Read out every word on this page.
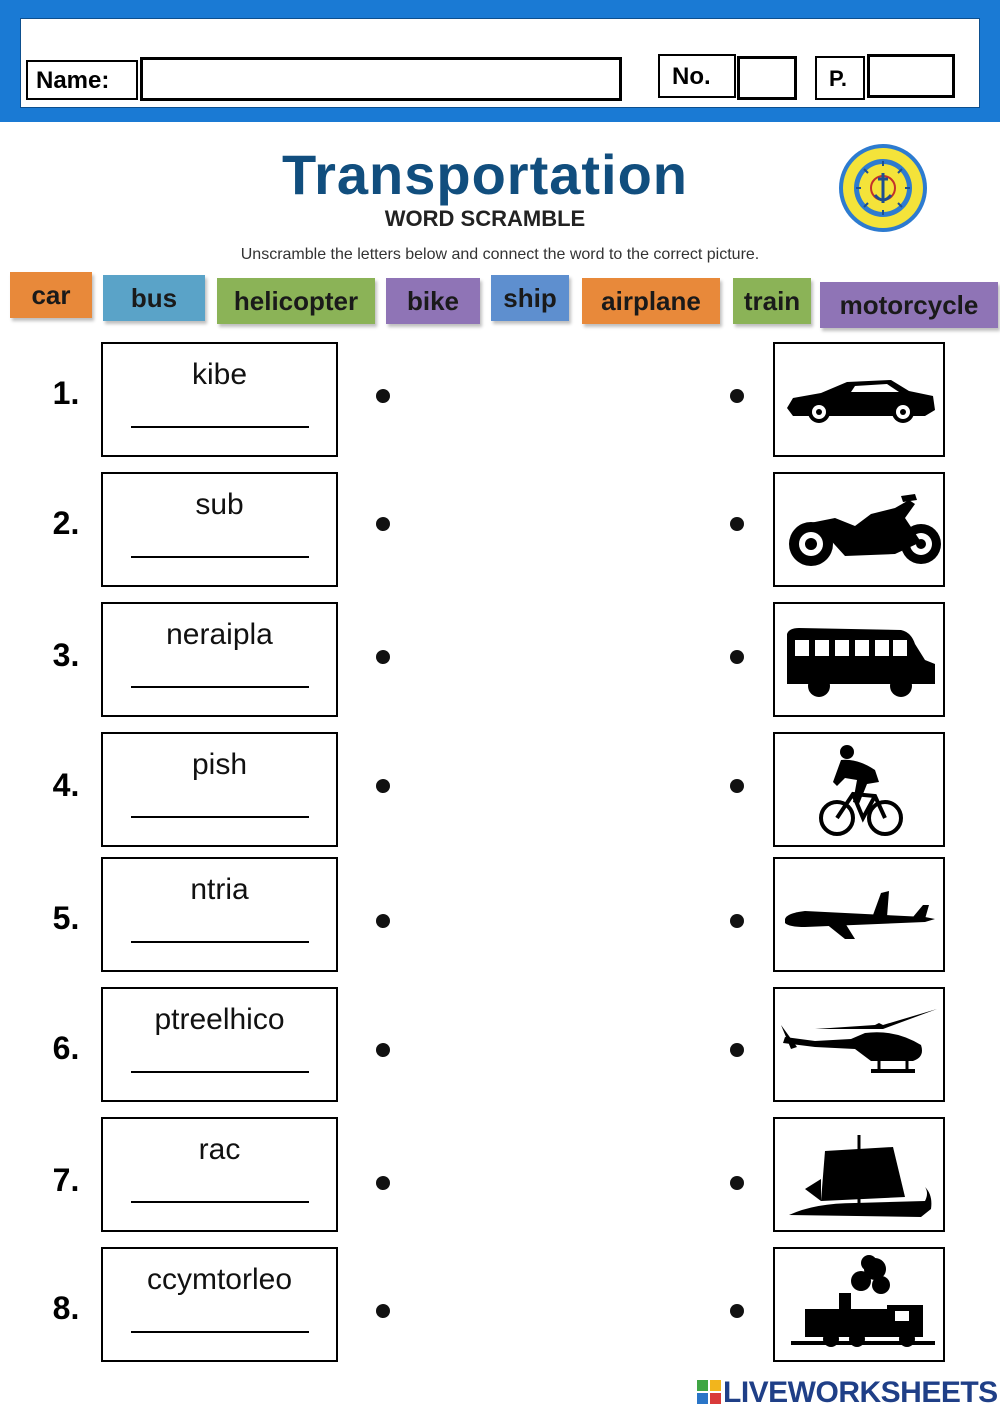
Name:	No.	P.
Transportation
WORD SCRAMBLE
Unscramble the letters below and connect the word to the correct picture.
car	bus	helicopter	bike	ship	airplane	train	motorcycle
1.
kibe
2.
sub
3.
neraipla
4.
pish
5.
ntria
6.
ptreelhico
7.
rac
8.
ccymtorleo
LIVEWORKSHEETS
